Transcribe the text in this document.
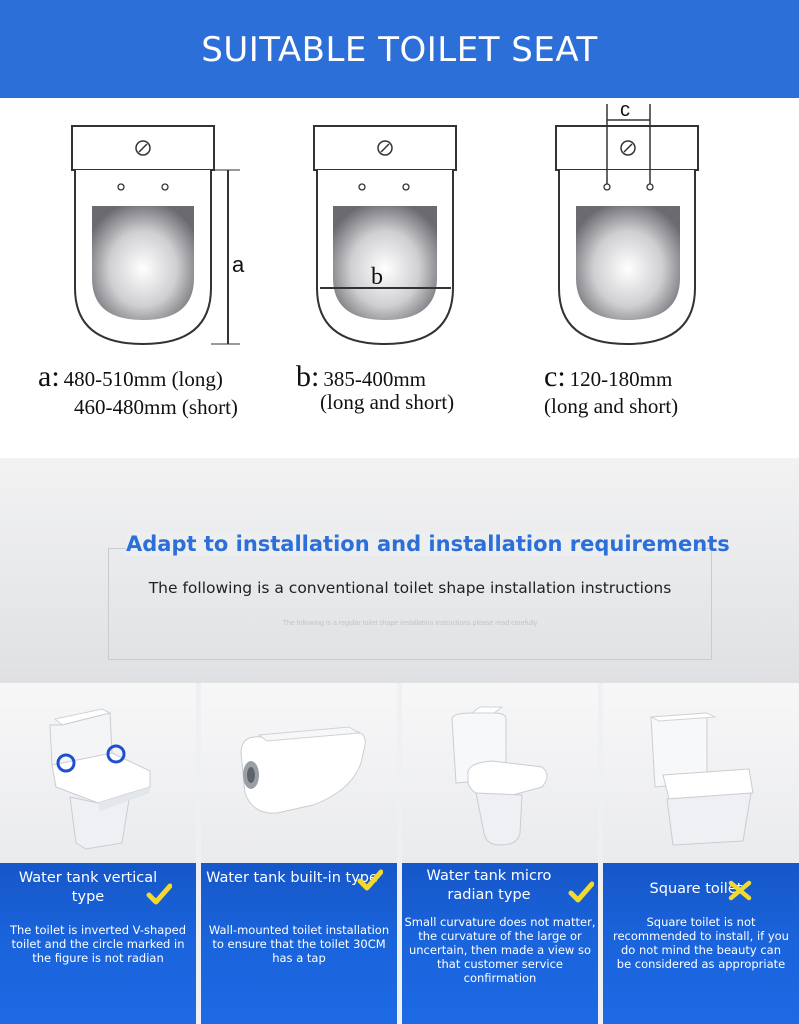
SUITABLE TOILET SEAT
a	b
c
a: 480-510mm (long)
460-480mm (short)
b: 385-400mm
(long and short)
c: 120-180mm
(long and short)
Adapt to installation and installation requirements
The following is a conventional toilet shape installation instructions
The following is a regular toilet shape installation instructions please read carefully
Water tank vertical type
The toilet is inverted V-shaped toilet and the circle marked in the figure is not radian
Water tank built-in type
Wall-mounted toilet installation to ensure that the toilet 30CM has a tap
Water tank micro radian type
Small curvature does not matter, the curvature of the large or uncertain, then made a view so that customer service confirmation
Square toilet
Square toilet is not recommended to install, if you do not mind the beauty can be considered as appropriate
